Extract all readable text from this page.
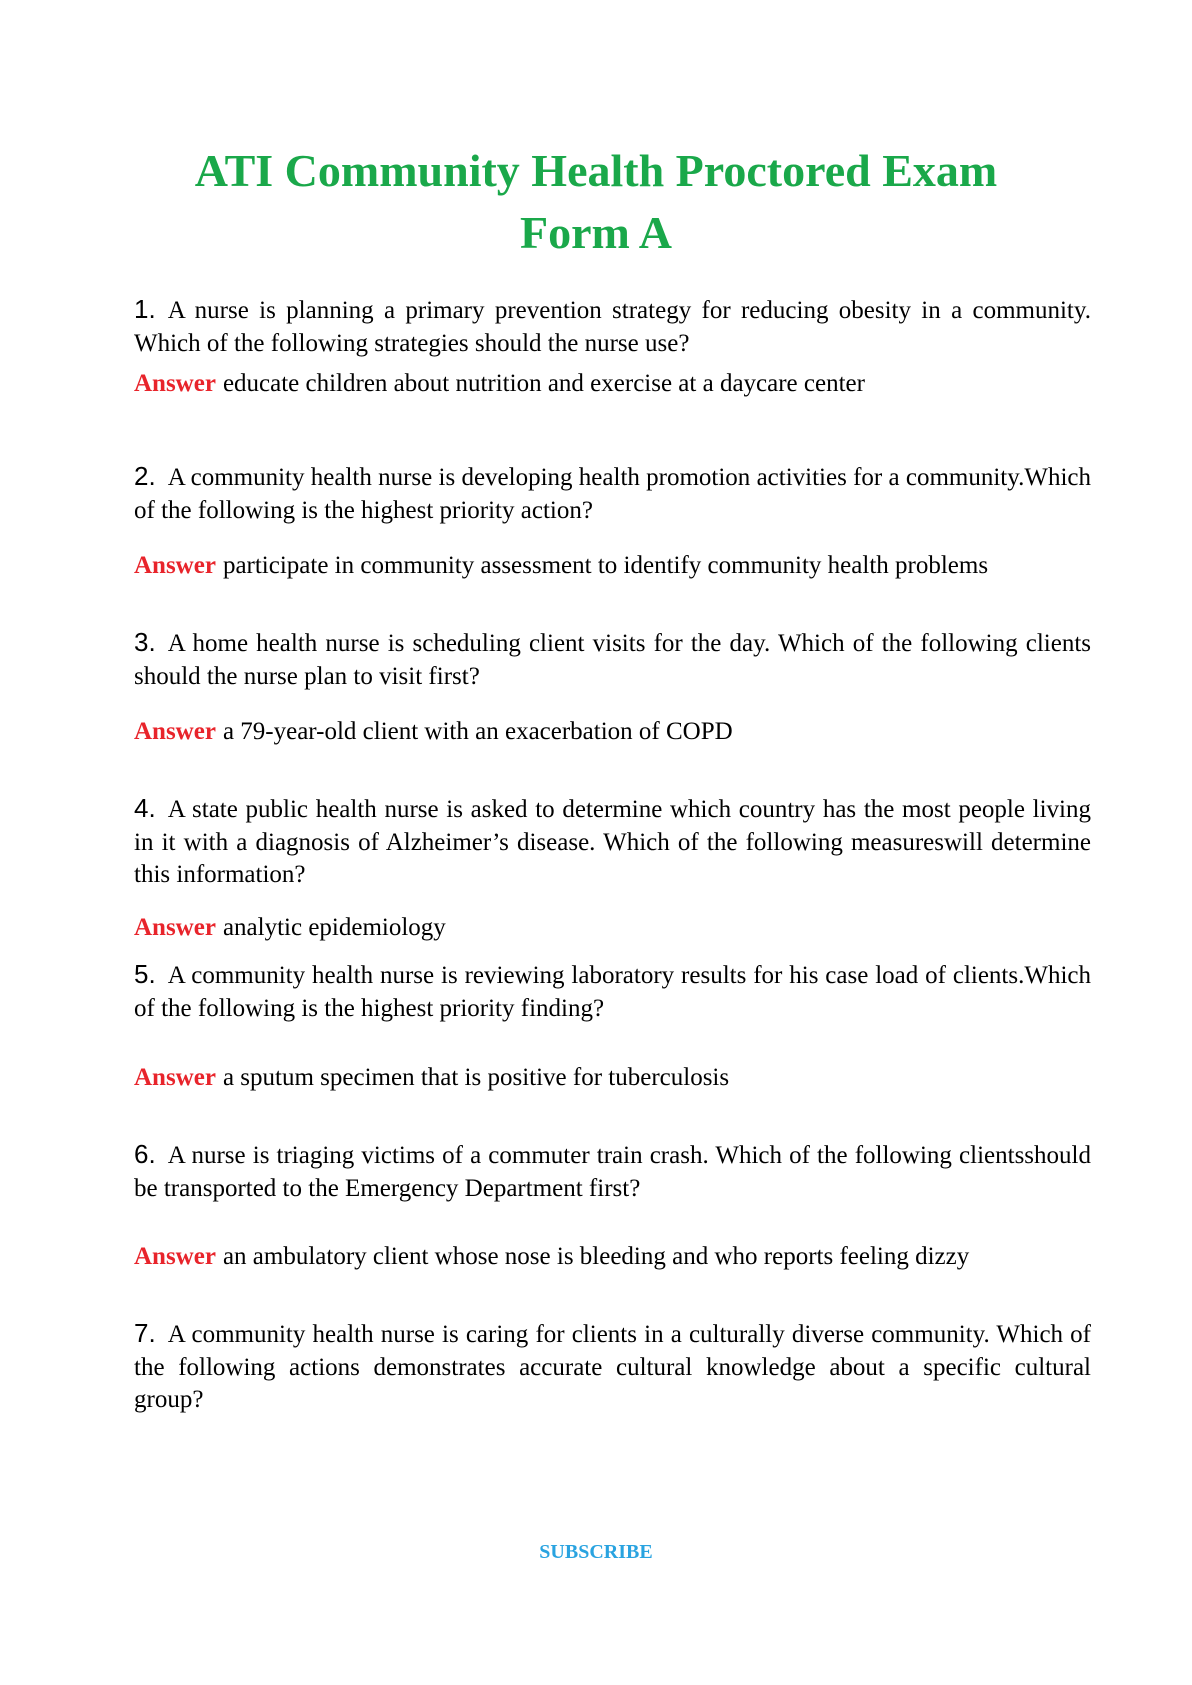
ATI Community Health Proctored Exam
Form A

1. A nurse is planning a primary prevention strategy for reducing obesity in a community. Which of the following strategies should the nurse use?

Answer educate children about nutrition and exercise at a daycare center

2. A community health nurse is developing health promotion activities for a community.Which of the following is the highest priority action?

Answer participate in community assessment to identify community health problems

3. A home health nurse is scheduling client visits for the day. Which of the following clients should the nurse plan to visit first?

Answer a 79-year-old client with an exacerbation of COPD

4. A state public health nurse is asked to determine which country has the most people living in it with a diagnosis of Alzheimer’s disease. Which of the following measureswill determine this information?

Answer analytic epidemiology

5. A community health nurse is reviewing laboratory results for his case load of clients.Which of the following is the highest priority finding?

Answer a sputum specimen that is positive for tuberculosis

6. A nurse is triaging victims of a commuter train crash. Which of the following clientsshould be transported to the Emergency Department first?

Answer an ambulatory client whose nose is bleeding and who reports feeling dizzy

7. A community health nurse is caring for clients in a culturally diverse community. Which of the following actions demonstrates accurate cultural knowledge about a specific cultural group?

SUBSCRIBE
